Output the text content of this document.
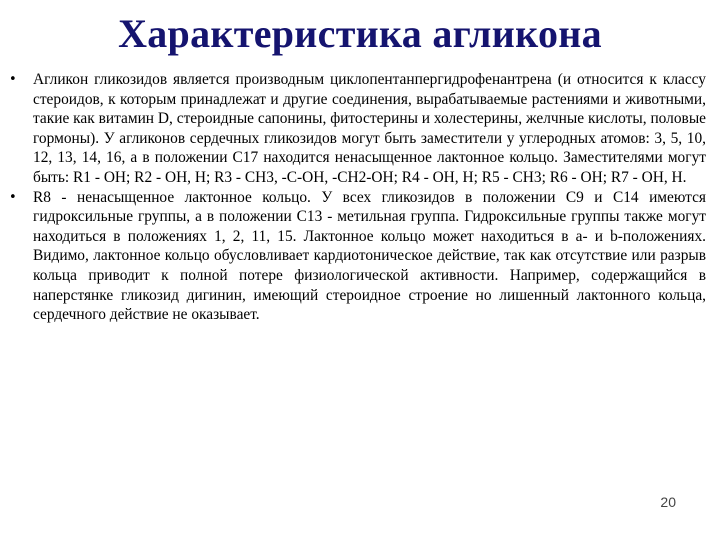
Характеристика агликона
• Агликон гликозидов является производным циклопентанпергидрофенантрена (и относится к классу стероидов, к которым принадлежат и другие соединения, вырабатываемые растениями и животными, такие как витамин D, стероидные сапонины, фитостерины и холестерины, желчные кислоты, половые гормоны). У агликонов сердечных гликозидов могут быть заместители у углеродных атомов: 3, 5, 10, 12, 13, 14, 16, а в положении С17 находится ненасыщенное лактонное кольцо. Заместителями могут быть: R1 - OH; R2 - OH, H; R3 - CH3, -C-OH, -CH2-OH; R4 - OH, H; R5 - CH3; R6 - OH; R7 - OH, H.

• R8 - ненасыщенное лактонное кольцо. У всех гликозидов в положении С9 и С14 имеются гидроксильные группы, а в положении С13 - метильная группа. Гидроксильные группы также могут находиться в положениях 1, 2, 11, 15. Лактонное кольцо может находиться в a- и b-положениях. Видимо, лактонное кольцо обусловливает кардиотоническое действие, так как отсутствие или разрыв кольца приводит к полной потере физиологической активности. Например, содержащийся в наперстянке гликозид дигинин, имеющий стероидное строение но лишенный лактонного кольца, сердечного действие не оказывает.

20
